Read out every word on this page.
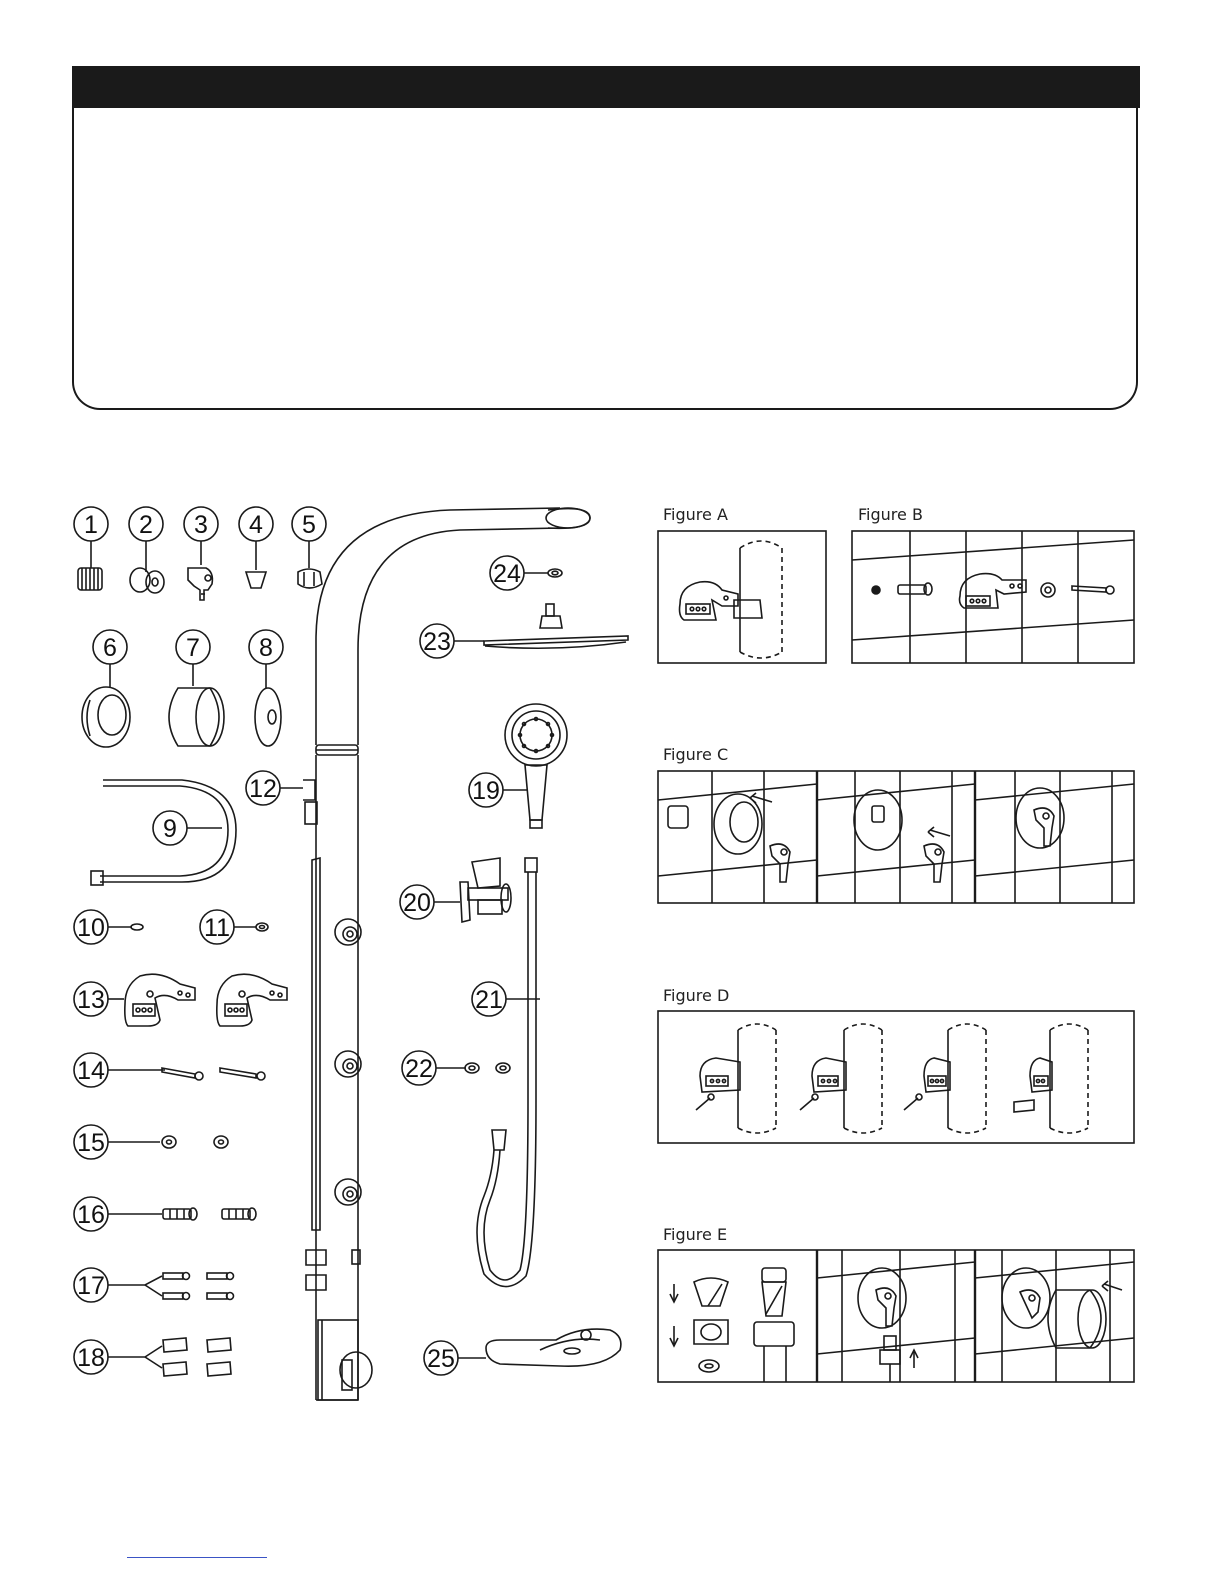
Figure A	Figure B
Figure C
Figure D
Figure E
1 2 3 4 5
6	7 8
9
10	11
12
13
14
15
16
17
18
19
20
21
22
23
24
25
